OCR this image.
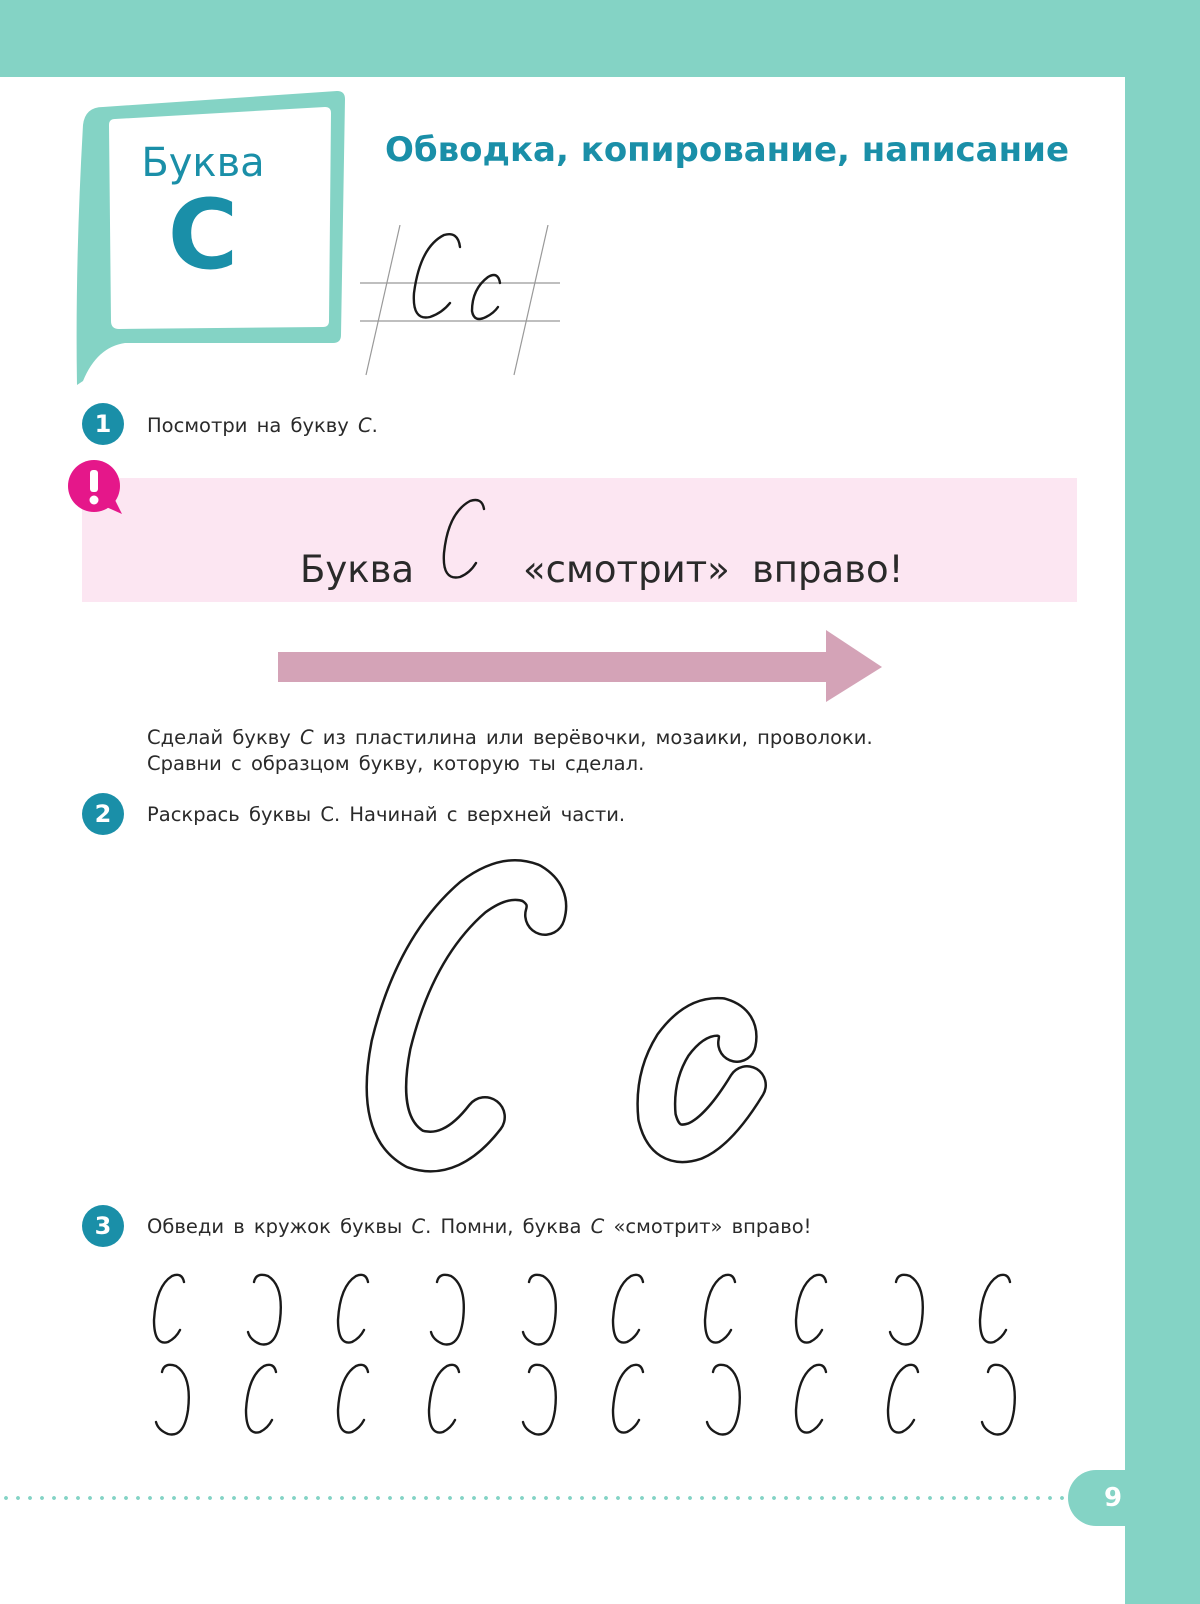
Буква
С
Обводка, копирование, написание
1	Посмотри на букву С.
Буква	«смотрит» вправо!
Сделай букву С из пластилина или верёвочки, мозаики, проволоки.
Сравни с образцом букву, которую ты сделал.
2	Раскрась буквы С. Начинай с верхней части.
3	Обведи в кружок буквы С. Помни, буква С «смотрит» вправо!
9
